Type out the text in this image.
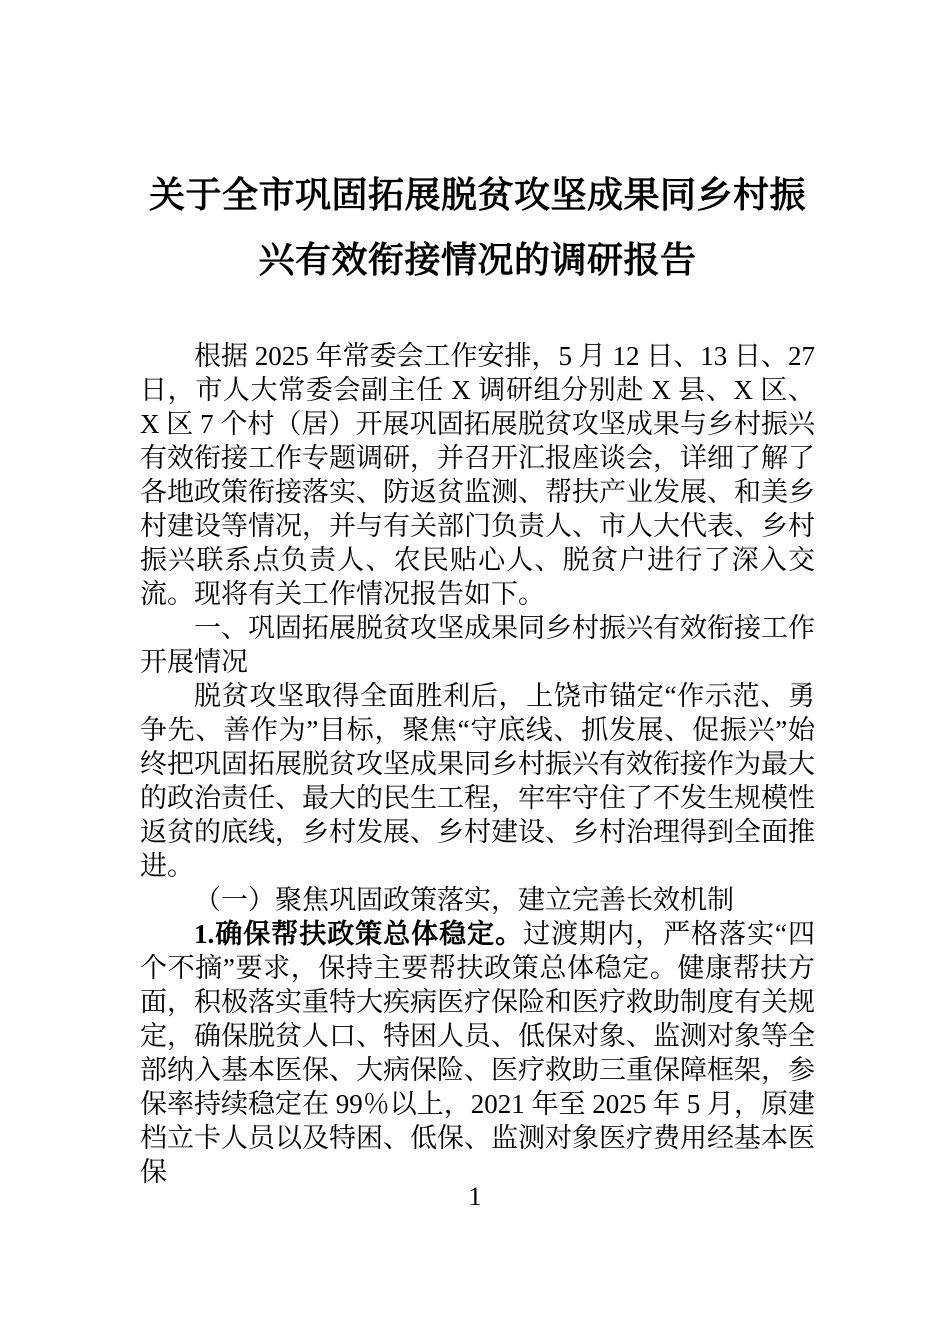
关于全市巩固拓展脱贫攻坚成果同乡村振兴有效衔接情况的调研报告

根据 2025 年常委会工作安排，5 月 12 日、13 日、27 日，市人大常委会副主任 X 调研组分别赴 X 县、X 区、X 区 7 个村（居）开展巩固拓展脱贫攻坚成果与乡村振兴有效衔接工作专题调研，并召开汇报座谈会，详细了解了各地政策衔接落实、防返贫监测、帮扶产业发展、和美乡村建设等情况，并与有关部门负责人、市人大代表、乡村振兴联系点负责人、农民贴心人、脱贫户进行了深入交流。现将有关工作情况报告如下。

一、巩固拓展脱贫攻坚成果同乡村振兴有效衔接工作开展情况

脱贫攻坚取得全面胜利后，上饶市锚定“作示范、勇争先、善作为”目标，聚焦“守底线、抓发展、促振兴”始终把巩固拓展脱贫攻坚成果同乡村振兴有效衔接作为最大的政治责任、最大的民生工程，牢牢守住了不发生规模性返贫的底线，乡村发展、乡村建设、乡村治理得到全面推进。

（一）聚焦巩固政策落实，建立完善长效机制

1.确保帮扶政策总体稳定。过渡期内，严格落实“四个不摘”要求，保持主要帮扶政策总体稳定。健康帮扶方面，积极落实重特大疾病医疗保险和医疗救助制度有关规定，确保脱贫人口、特困人员、低保对象、监测对象等全部纳入基本医保、大病保险、医疗救助三重保障框架，参保率持续稳定在 99％以上，2021 年至 2025 年 5 月，原建档立卡人员以及特困、低保、监测对象医疗费用经基本医保

1
